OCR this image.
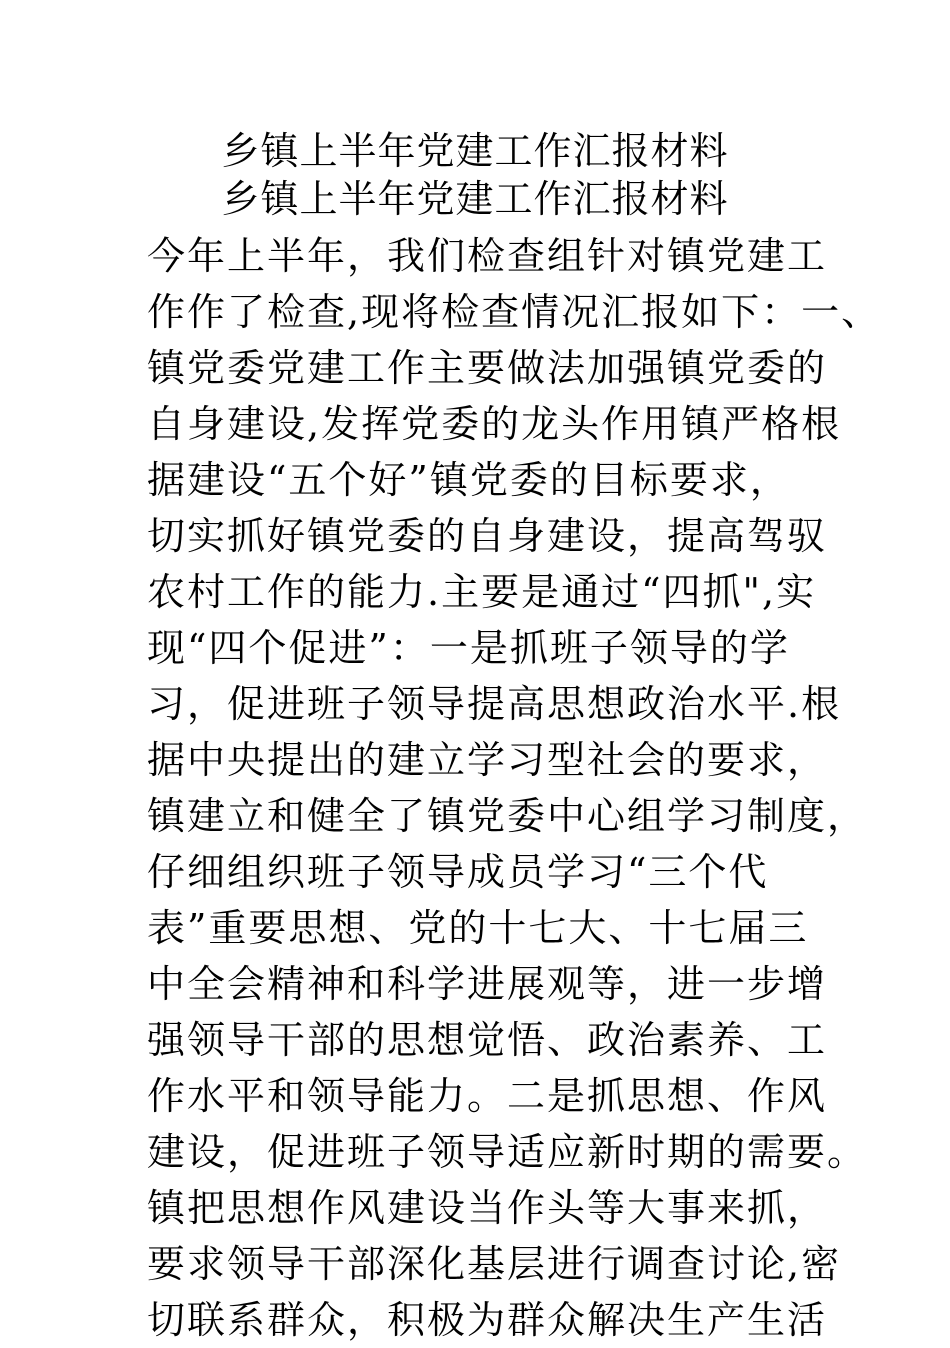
乡镇上半年党建工作汇报材料
乡镇上半年党建工作汇报材料
今年上半年，我们检查组针对镇党建工
作作了检查,现将检查情况汇报如下：一、
镇党委党建工作主要做法加强镇党委的
自身建设,发挥党委的龙头作用镇严格根
据建设“五个好”镇党委的目标要求，
切实抓好镇党委的自身建设，提高驾驭
农村工作的能力.主要是通过“四抓",实
现“四个促进”：一是抓班子领导的学
习，促进班子领导提高思想政治水平.根
据中央提出的建立学习型社会的要求，
镇建立和健全了镇党委中心组学习制度，
仔细组织班子领导成员学习“三个代
表”重要思想、党的十七大、十七届三
中全会精神和科学进展观等，进一步增
强领导干部的思想觉悟、政治素养、工
作水平和领导能力。二是抓思想、作风
建设，促进班子领导适应新时期的需要。
镇把思想作风建设当作头等大事来抓，
要求领导干部深化基层进行调查讨论,密
切联系群众，积极为群众解决生产生活
